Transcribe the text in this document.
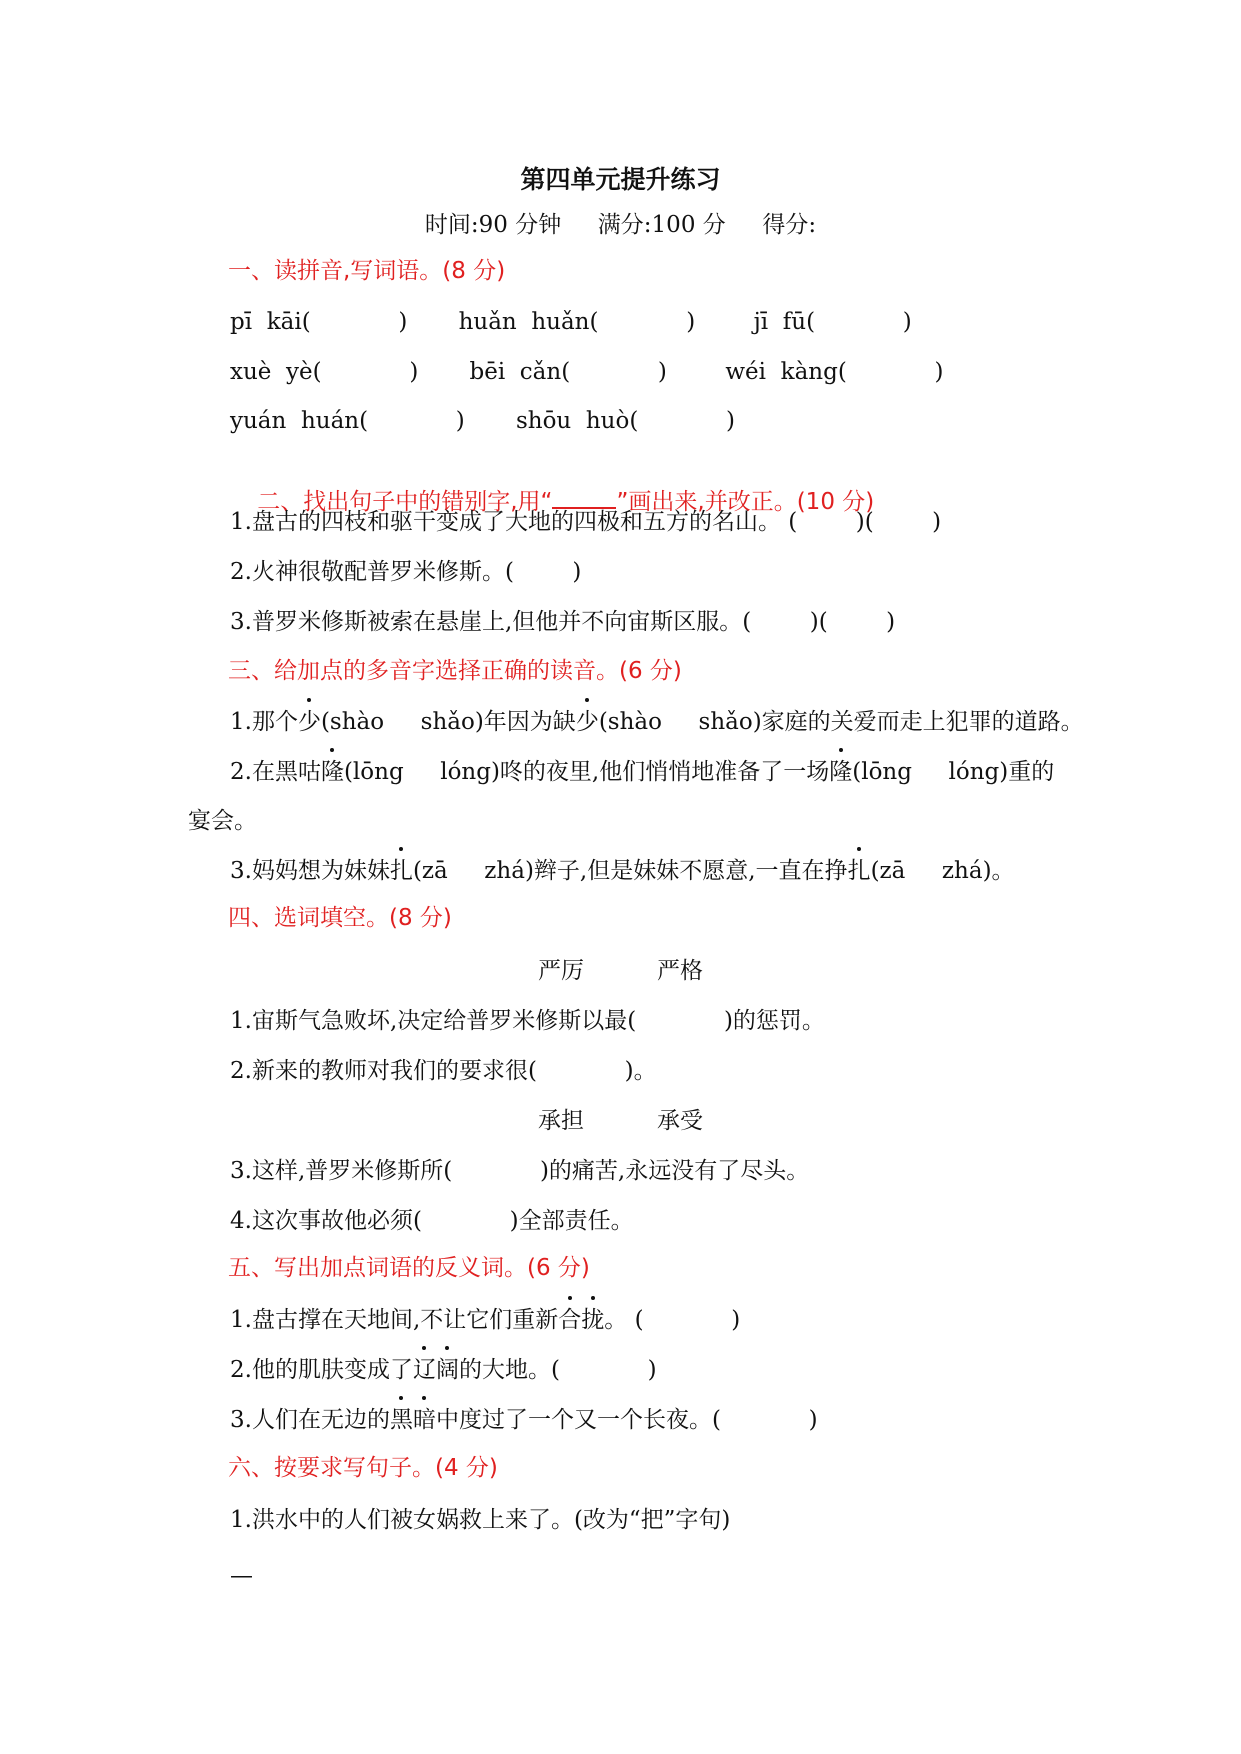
第四单元提升练习
时间:90 分钟     满分:100 分     得分:
一、读拼音,写词语。(8 分)
pī  kāi(            )       huǎn  huǎn(            )        jī  fū(            )
xuè  yè(            )       bēi  cǎn(            )        wéi  kàng(            )
yuán  huán(            )       shōu  huò(            )

二、找出句子中的错别字,用“	”画出来,并改正。(10 分)

1.盘古的四枝和驱干变成了大地的四极和五方的名山。 (        )(        )
2.火神很敬配普罗米修斯。(        )
3.普罗米修斯被索在悬崖上,但他并不向宙斯区服。(        )(        )
三、给加点的多音字选择正确的读音。(6 分)
1.那个少(shào     shǎo)年因为缺少(shào     shǎo)家庭的关爱而走上犯罪的道路。
2.在黑咕隆(lōng     lóng)咚的夜里,他们悄悄地准备了一场隆(lōng     lóng)重的
宴会。
3.妈妈想为妹妹扎(zā     zhá)辫子,但是妹妹不愿意,一直在挣扎(zā     zhá)。
四、选词填空。(8 分)
严厉          严格
1.宙斯气急败坏,决定给普罗米修斯以最(            )的惩罚。
2.新来的教师对我们的要求很(            )。
承担          承受
3.这样,普罗米修斯所(            )的痛苦,永远没有了尽头。
4.这次事故他必须(            )全部责任。
五、写出加点词语的反义词。(6 分)
1.盘古撑在天地间,不让它们重新合拢。 (            )
2.他的肌肤变成了辽阔的大地。(            )
3.人们在无边的黑暗中度过了一个又一个长夜。(            )
六、按要求写句子。(4 分)
1.洪水中的人们被女娲救上来了。(改为“把”字句)
—
